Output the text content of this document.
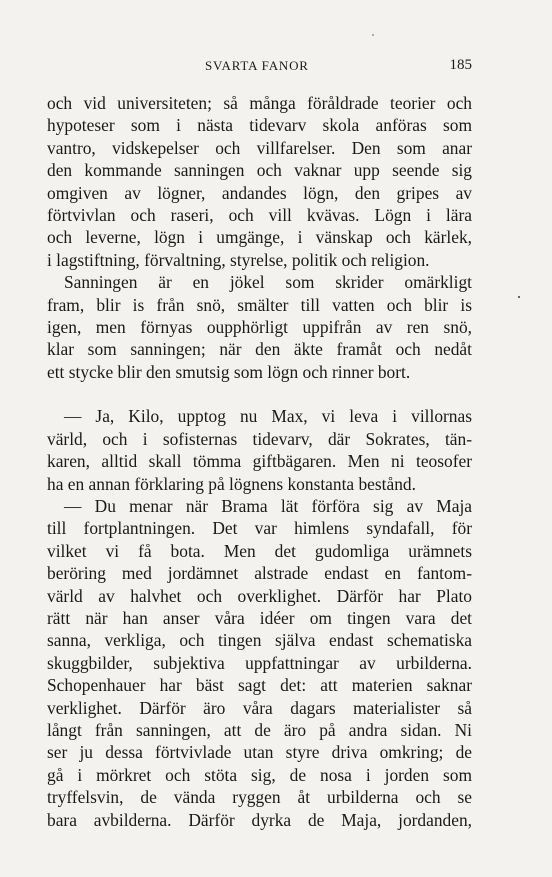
SVARTA FANOR	185
och vid universiteten; så många föråldrade teorier och
hypoteser som i nästa tidevarv skola anföras som
vantro, vidskepelser och villfarelser. Den som anar
den kommande sanningen och vaknar upp seende sig
omgiven av lögner, andandes lögn, den gripes av
förtvivlan och raseri, och vill kvävas. Lögn i lära
och leverne, lögn i umgänge, i vänskap och kärlek,
i lagstiftning, förvaltning, styrelse, politik och religion.
Sanningen är en jökel som skrider omärkligt
fram, blir is från snö, smälter till vatten och blir is
igen, men förnyas oupphörligt uppifrån av ren snö,
klar som sanningen; när den äkte framåt och nedåt
ett stycke blir den smutsig som lögn och rinner bort.
— Ja, Kilo, upptog nu Max, vi leva i villornas
värld, och i sofisternas tidevarv, där Sokrates, tän-
karen, alltid skall tömma giftbägaren. Men ni teosofer
ha en annan förklaring på lögnens konstanta bestånd.
— Du menar när Brama lät förföra sig av Maja
till fortplantningen. Det var himlens syndafall, för
vilket vi få bota. Men det gudomliga urämnets
beröring med jordämnet alstrade endast en fantom-
värld av halvhet och overklighet. Därför har Plato
rätt när han anser våra idéer om tingen vara det
sanna, verkliga, och tingen själva endast schematiska
skuggbilder, subjektiva uppfattningar av urbilderna.
Schopenhauer har bäst sagt det: att materien saknar
verklighet. Därför äro våra dagars materialister så
långt från sanningen, att de äro på andra sidan. Ni
ser ju dessa förtvivlade utan styre driva omkring; de
gå i mörkret och stöta sig, de nosa i jorden som
tryffelsvin, de vända ryggen åt urbilderna och se
bara avbilderna. Därför dyrka de Maja, jordanden,
